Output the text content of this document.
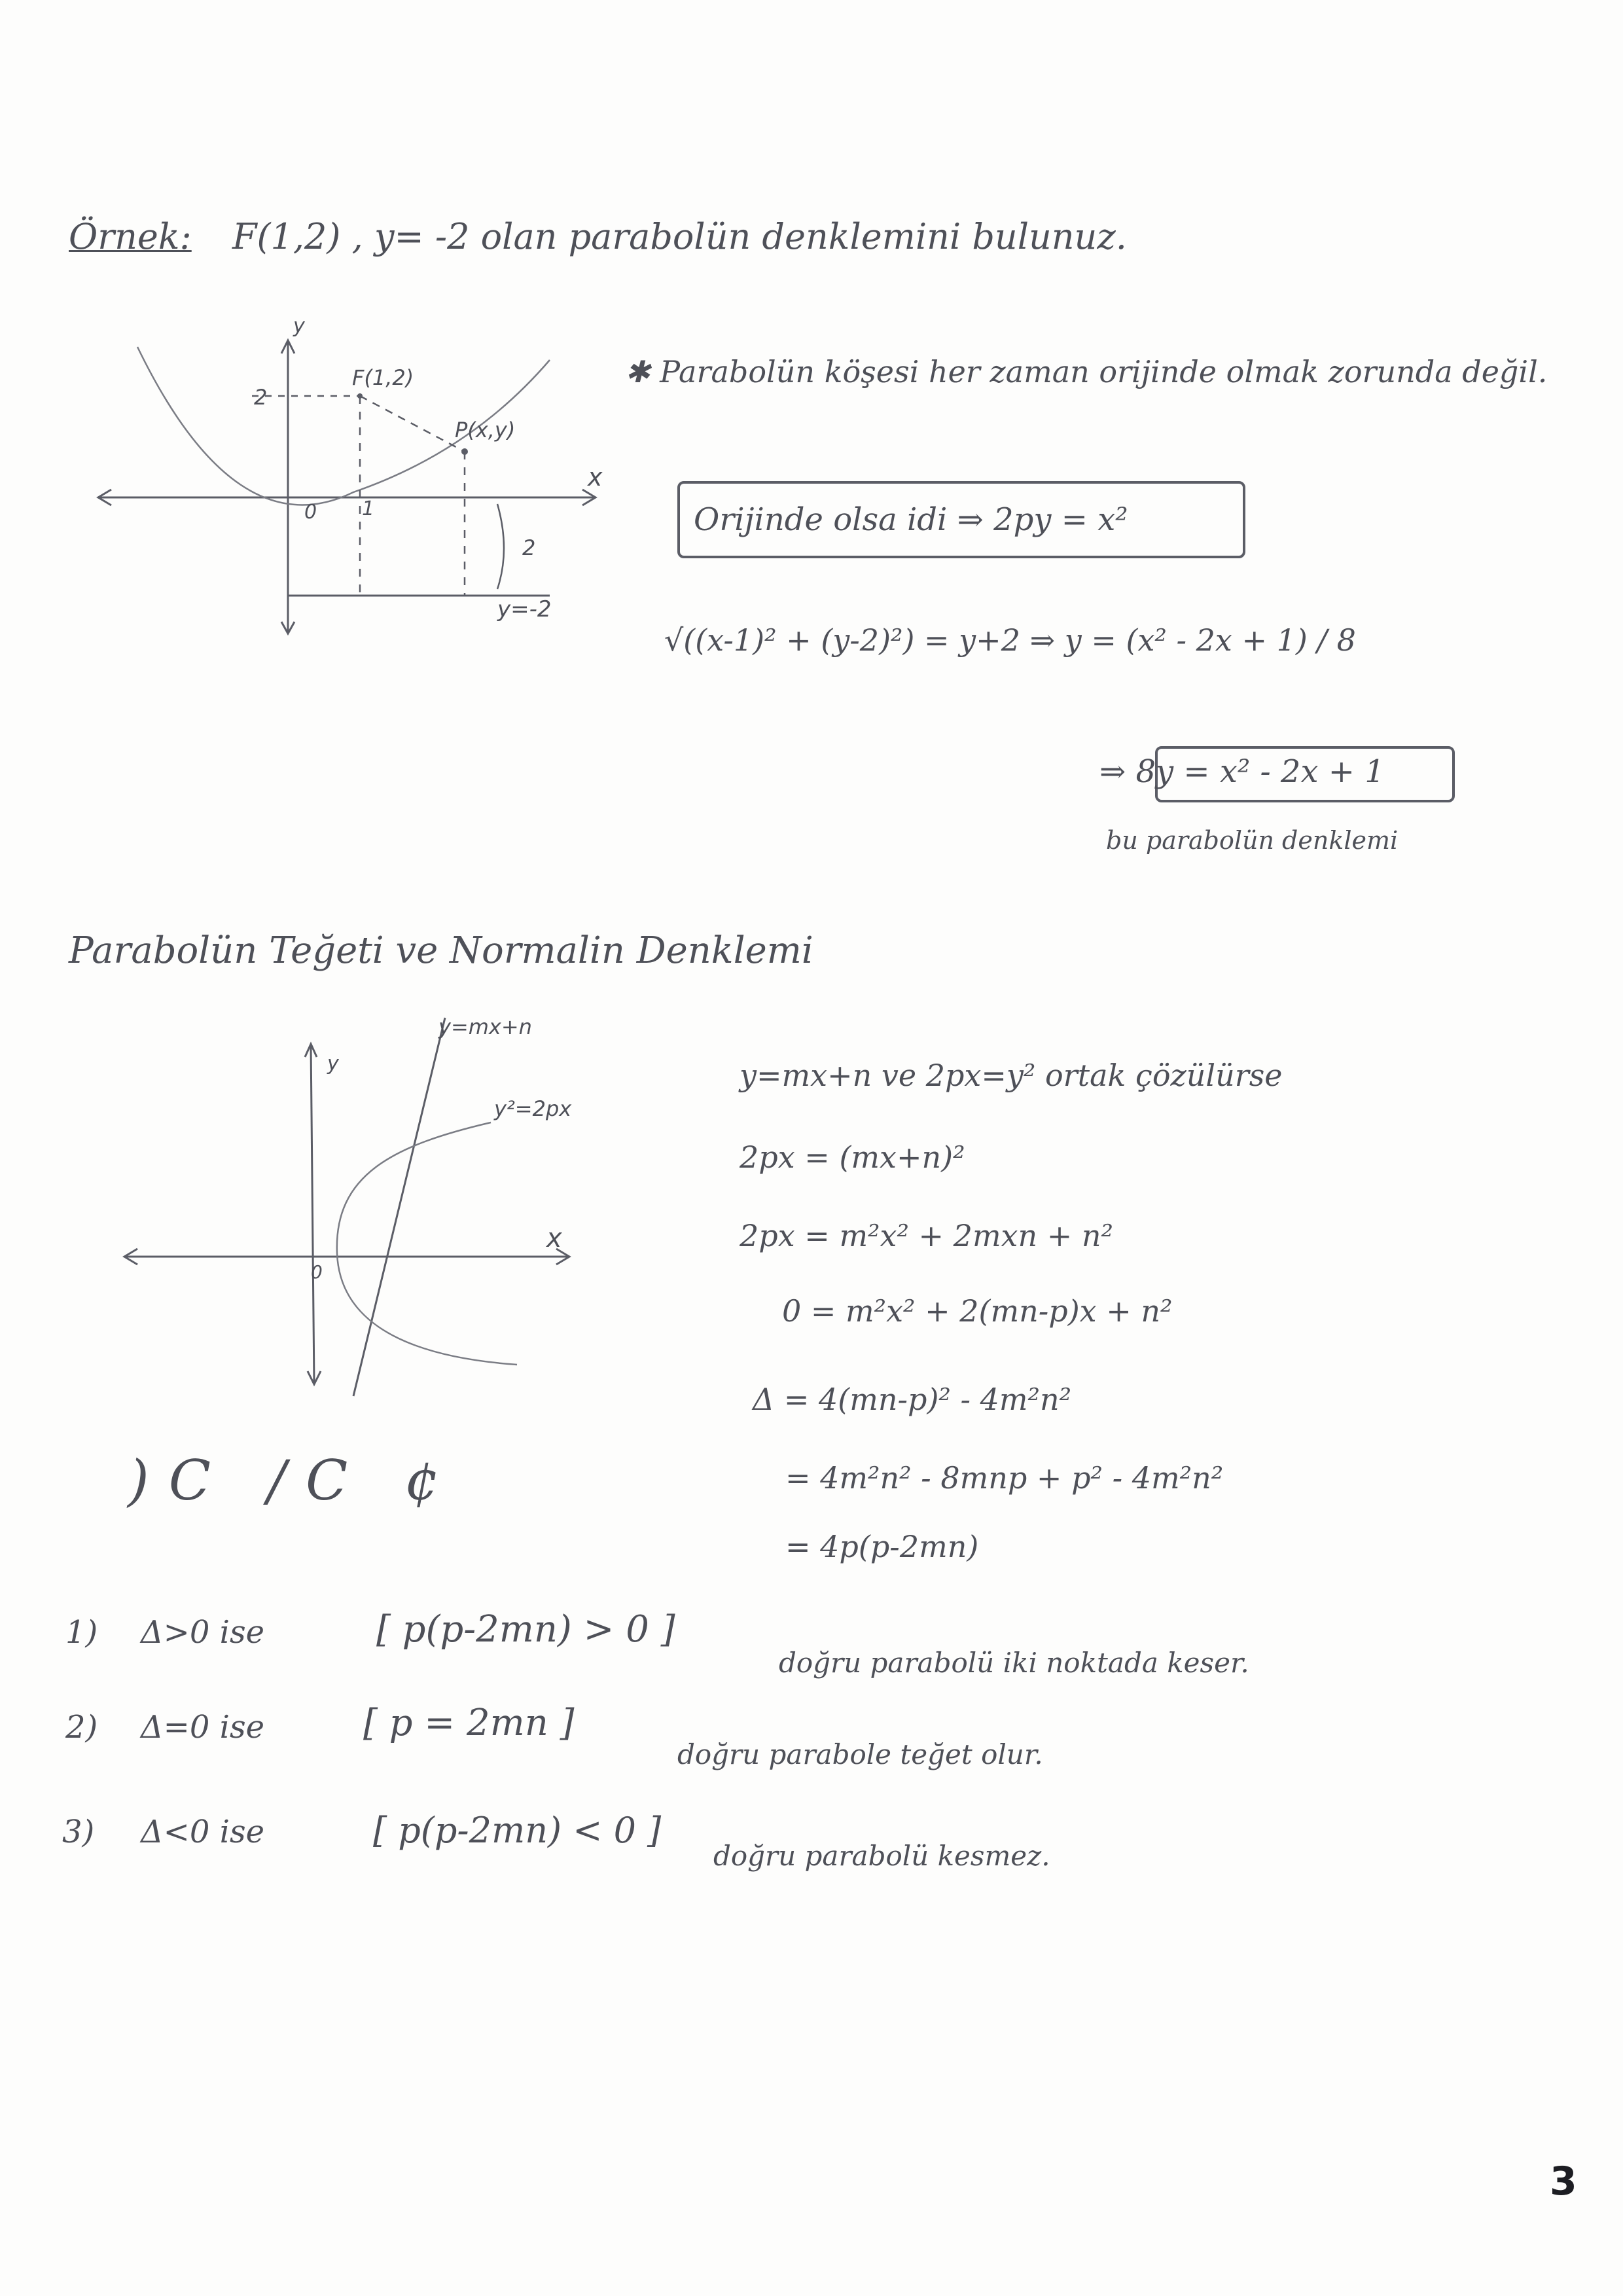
Örnek: F(1,2) , y= -2 olan parabolün denklemini bulunuz.
y
x
F(1,2)
P(x,y)
2
0 1
2
y=-2
✱ Parabolün köşesi her zaman orijinde olmak zorunda değil.
Orijinde olsa idi ⇒ 2py = x²
√((x-1)² + (y-2)²) = y+2 ⇒ y = (x² - 2x + 1) / 8
⇒ 8y = x² - 2x + 1
bu parabolün denklemi
Parabolün Teğeti ve Normalin Denklemi
y
x
0
y=mx+n
y²=2px
y=mx+n ve 2px=y² ortak çözülürse
2px = (mx+n)²
2px = m²x² + 2mxn + n²
0 = m²x² + 2(mn-p)x + n²
Δ = 4(mn-p)² - 4m²n²
= 4m²n² - 8mnp + p² - 4m²n²
= 4p(p-2mn)
)C /C ¢
1) Δ>0 ise	[ p(p-2mn) > 0 ]
doğru parabolü iki noktada keser.
2) Δ=0 ise	[ p = 2mn ]
doğru parabole teğet olur.
3) Δ<0 ise	[ p(p-2mn) < 0 ]
doğru parabolü kesmez.
3
